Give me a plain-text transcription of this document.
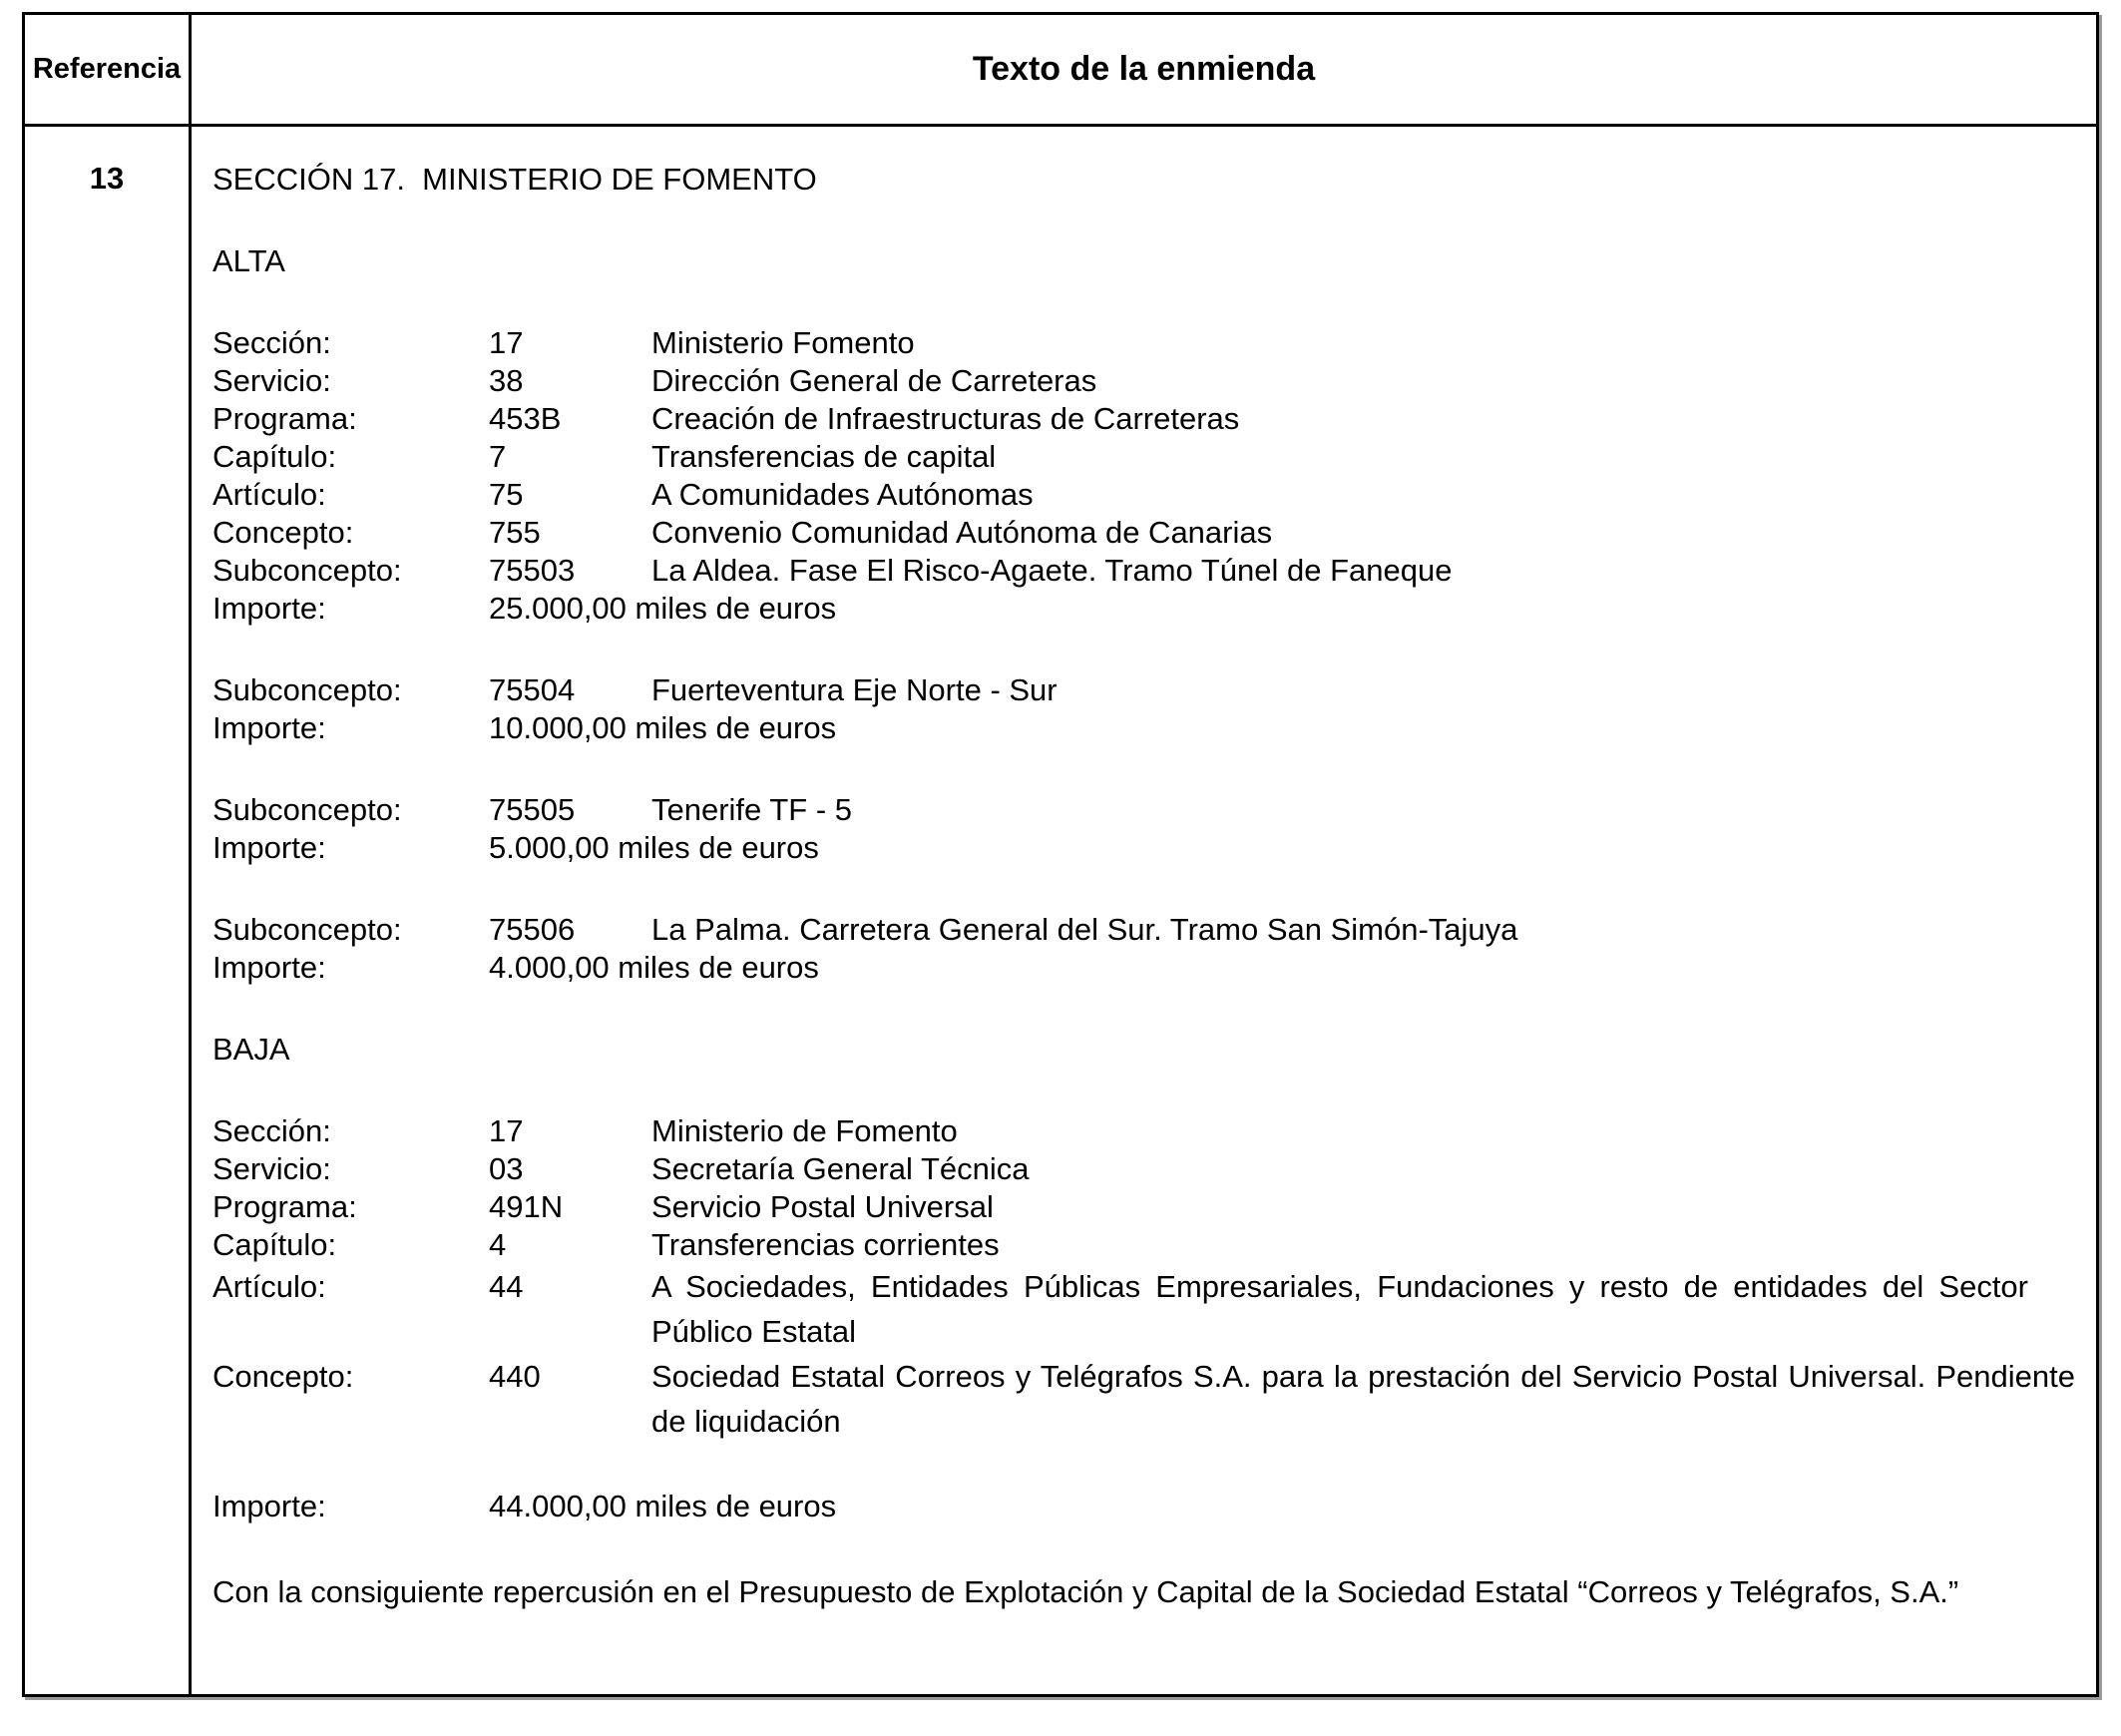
Referencia	Texto de la enmienda
13	SECCIÓN 17.  MINISTERIO DE FOMENTO
ALTA
Sección:	17	Ministerio Fomento
Servicio:	38	Dirección General de Carreteras
Programa:	453B	Creación de Infraestructuras de Carreteras
Capítulo:	7	Transferencias de capital
Artículo:	75	A Comunidades Autónomas
Concepto:	755	Convenio Comunidad Autónoma de Canarias
Subconcepto:	75503	La Aldea. Fase El Risco-Agaete. Tramo Túnel de Faneque
Importe:	25.000,00 miles de euros
Subconcepto:	75504	Fuerteventura Eje Norte - Sur
Importe:	10.000,00 miles de euros
Subconcepto:	75505	Tenerife TF - 5
Importe:	5.000,00 miles de euros
Subconcepto:	75506	La Palma. Carretera General del Sur. Tramo San Simón-Tajuya
Importe:	4.000,00 miles de euros
BAJA
Sección:	17	Ministerio de Fomento
Servicio:	03	Secretaría General Técnica
Programa:	491N	Servicio Postal Universal
Capítulo:	4	Transferencias corrientes
Artículo:	44	A Sociedades, Entidades Públicas Empresariales, Fundaciones y resto de entidades del Sector Público Estatal
Concepto:	440	Sociedad Estatal Correos y Telégrafos S.A. para la prestación del Servicio Postal Universal. Pendiente de liquidación
Importe:	44.000,00 miles de euros
Con la consiguiente repercusión en el Presupuesto de Explotación y Capital de la Sociedad Estatal “Correos y Telégrafos, S.A.”
